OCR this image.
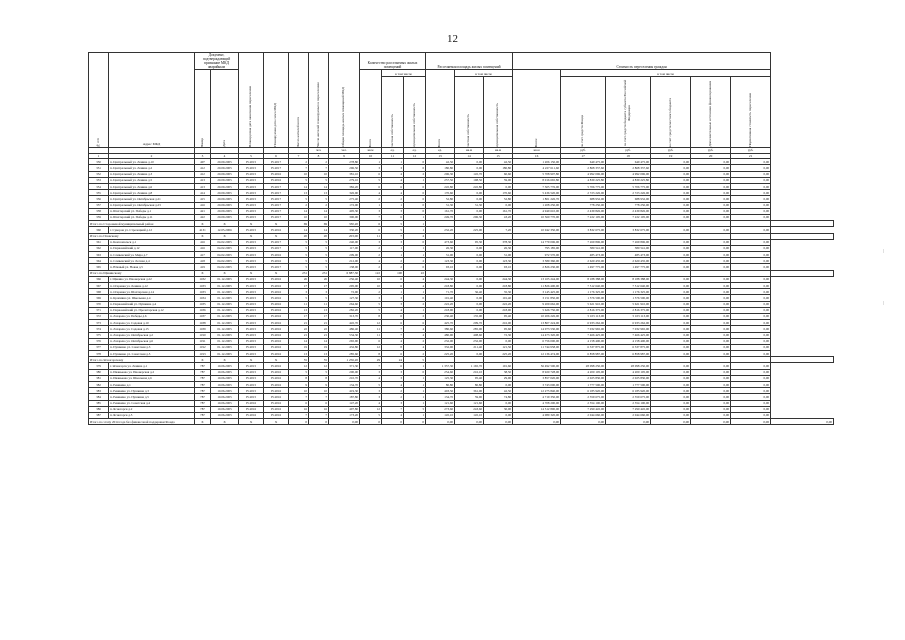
12
№ п/п	Адрес МКД	Документ, подтверждающий признание МКД аварийным		Планируемая дата окончания переселения	Планируемая дата сноса МКД	Число жителей всего	Число жителей планируемых к переселению	Общая площадь жилых помещений МКД	Количество расселяемых жилых помещений			Расселяемая площадь жилых помещений			Стоимость переселения граждан						

		Номер	Дата						Всего	в том числе		Всего	в том числе		Всего:	в том числе					

										частная собственность	муниципальная собственность		частная собственность	муниципальная собственность		за счет средств Фонда	за счет средств бюджета субъекта Российской Федерации	за счет средств местного бюджета	Дополнительные источники финансирования	Нормативная стоимость переселения	

							чел.	чел.	кв.м	ед.	ед.	ед.	кв.м	кв.м	кв.м	руб.	руб.	руб.	руб.	руб.	
1	2	3	4	5	6	7	8	9	10	11	12	13	14	15	16	17	18	19	20	21	
350	п. Центральный ул. Ленина д.10	407	20.09.2005	IV.2015	IV.2017	2	2	278,80	1	1	0	42,50	0,00	42,50	1 206 150,00	649 475,00	649 475,00	0,00	0,00	0,00	
351	п. Центральный ул. Ленина д.2	412	20.09.2005	IV.2015	IV.2017	7	7	296,50	3	3	0	180,80	0,00	180,80	4 227 611,60	2 868 337,60	2 868 337,60	0,00	0,00	0,00	
352	п. Центральный ул. Ленина д.3	412	20.09.2005	IV.2015	IV.2016	10	10	381,10	6	4	2	206,30	145,70	60,60	5 708 907,80	4 992 096,00	4 992 096,00	0,00	0,00	0,00	
353	п. Центральный ул. Ленина д.5	413	20.09.2005	IV.2015	IV.2016	5	5	279,10	5	4	1	257,50	198,50	59,00	8 016 665,80	4 839 225,80	4 839 225,80	0,00	0,00	0,00	
354	п. Центральный ул. Ленина д.6	413	20.09.2005	IV.2015	IV.2017	14	14	382,20	6	6	0	245,80	245,80	0,00	7 305 776,00	5 706 775,00	5 706 775,00	0,00	0,00	0,00	
355	п. Центральный ул. Ленина д.8	414	20.09.2005	IV.2015	IV.2017	13	13	326,90	4	4	0	170,60	0,00	170,60	5 436 520,00	2 723 226,00	2 723 226,00	0,00	0,00	0,00	
356	п. Центральный ул. Октябрьская д.21	415	20.09.2005	IV.2015	IV.2017	5	5	275,40	2	2	0	52,80	0,00	52,80	1 801 226,70	688 932,00	688 932,00	0,00	0,00	0,00	
357	п. Центральный ул. Октябрьская д.23	416	20.09.2005	IV.2015	IV.2017	2	2	172,00	1	1	0	31,30	31,30	0,00	1 208 250,00	778 250,00	778 250,00	0,00	0,00	0,00	
358	п. Шахтерский ул. Победы д.1	421	20.09.2005	IV.2015	IV.2017	14	14	405,30	3	3	0	161,70	0,00	161,70	4 949 610,00	2 439 826,00	2 439 826,00	0,00	0,00	0,00	
359	п. Шахтерский ул. Победы д.11	422	20.09.2005	IV.2015	IV.2017	10	10	300,00	7	6	1	249,70	206,30	43,20	10 560 770,00	7 222 105,00	7 222 105,00	0,00	0,00	0,00	
Итого по Сторожевой муниципальный район		X	X	X	X	69	69	330,20	6	5	1										
360	г. Суворов ул. Стрелецкий д.12	4131	12.05.2006	IV.2015	IV.2016	14	14	330,20	6	5	1	232,20	225,00	7,20	10 042 350,00	3 832 675,00	3 832 675,00	0,00	0,00	0,00	
Итого по Плавскому		X	X	X	X	20	20	203,00	11	7	4										
361	п. Комсомольск д.1	416	04.02.2005	IV.2015	IV.2017	5	5	240,00	3	3	0	473,60	95,30	378,30	14 779 006,00	7 269 806,00	7 269 806,00	0,00	0,00	0,00	
362	п. Первомайский д.12	416	04.02.2005	IV.2015	IV.2017	5	5	117,00	2	1	1	26,30	0,00	26,30	795 185,00	380 541,00	380 541,00	0,00	0,00	0,00	
363	п. Сливенский ул. Мира д.7	417	04.02.2005	IV.2015	IV.2016	5	5	209,00	2	1	1	31,00	0,00	31,00	972 570,00	485 473,00	485 473,00	0,00	0,00	0,00	
364	п. Сливенский ул. Лесная д.4	418	04.02.2005	IV.2015	IV.2016	5	5	212,00	4	2	2	123,30	0,00	123,30	3 589 360,00	2 620 435,00	2 620 435,00	0,00	0,00	0,00	
365	п. Южный ул. Новая д.5	419	04.02.2005	IV.2015	IV.2017	5	5	138,00	2	2	0	93,10	0,00	93,10	2 826 230,00	1 497 775,00	1 497 775,00	0,00	0,00	0,00	
Итого по Щекинскому		X	X	X	X	231	231	6 887,30	122	100	22										
366	г. Щекино ул. Пионерская д.22	1182	01.12.2005	IV.2015	IV.2016	26	26	256,40	10	6	4	244,30	0,00	244,30	13 105 244,00	8 188 388,00	8 188 388,00	0,00	0,00	0,00	
367	п. Огаревка ул. Ленина д.12	1183	01.12.2005	IV.2015	IV.2016	17	17	295,00	10	6	4	218,80	0,00	218,80	11 826 400,00	7 512 640,00	7 512 640,00	0,00	0,00	0,00	
368	п. Огаревка ул. Шахтерская д.14	1183	01.12.2005	IV.2015	IV.2016	3	3	72,90	2	1	1	71,70	36,40	35,30	3 145 425,00	1 176 325,00	1 176 325,00	0,00	0,00	0,00	
369	п. Крапивна ул. Школьная д.4	1184	01.12.2005	IV.2015	IV.2016	5	5	127,30	3	3	0	101,40	0,00	101,40	3 151 850,00	1 576 500,00	1 576 500,00	0,00	0,00	0,00	
370	п. Первомайский ул. Пушкина д.4	1185	01.12.2005	IV.2015	IV.2016	11	11	264,60	5	3	2	222,20	0,00	222,20	9 209 662,00	5 621 910,00	5 621 910,00	0,00	0,00	0,00	
371	п. Первомайский ул. Пролетарская д.12	1186	01.12.2005	IV.2015	IV.2016	13	13	282,20	5	4	1	218,90	0,00	218,90	5 626 750,00	2 816 375,00	2 816 375,00	0,00	0,00	0,00	
372	п. Лазарево ул. Победы д.6	1187	01.12.2005	IV.2015	IV.2016	17	17	313,70	8	6	2	230,40	135,00	95,40	10 206 226,00	5 103 113,00	5 103 113,00	0,00	0,00	0,00	
373	п. Лазарево ул. Садовая д.10	1188	01.12.2005	IV.2015	IV.2016	21	21	445,70	12	6	6	425,70	209,70	216,00	13 807 224,00	6 933 262,00	6 933 262,00	0,00	0,00	0,00	
374	п. Лазарево ул. Садовая д.15	1189	01.12.2005	IV.2015	IV.2016	22	22	486,40	11	7	4	380,60	285,00	95,60	14 073 530,00	7 032 965,00	7 032 965,00	0,00	0,00	0,00	
375	п. Лазарево ул. Октябрьская д.2	1190	01.12.2005	IV.2015	IV.2016	21	21	534,30	11	7	4	480,90	408,60	72,30	14 473 320,00	7 466 425,00	7 466 425,00	0,00	0,00	0,00	
376	п. Лазарево ул. Октябрьская д.6	1191	01.12.2005	IV.2015	IV.2016	14	14	265,90	6	4	2	232,00	232,00	0,00	6 756 000,00	4 158 400,00	4 158 400,00	0,00	0,00	0,00	
377	п. Пушкино ул. Советская д.3	1192	01.12.2005	IV.2015	IV.2016	19	19	432,80	12	8	4	332,90	211,40	121,50	11 744 958,00	6 337 875,00	6 337 875,00	0,00	0,00	0,00	
378	п. Пушкино ул. Советская д.5	1193	01.12.2005	IV.2015	IV.2016	13	13	285,60	8	6	2	225,20	0,00	225,20	12 136 474,00	6 858 987,00	6 858 987,00	0,00	0,00	0,00	
Итого по Ясногорскому		X	X	X	X	55	55	1 256,20	29	24	5										
379	г. Ясногорск ул. Ленина д.1	787	10.06.2005	IV.2015	IV.2016	12	12	371,30	7	6	1	1 357,30	1 165,70	191,60	56 492 500,00	28 098 250,00	28 098 250,00	0,00	0,00	0,00	
380	п. Иваньково ул. Пионерская д.2	787	10.06.2005	IV.2015	IV.2016	5	5	200,00	3	3	0	254,60	216,10	38,50	8 920 728,00	4 200 105,00	4 200 105,00	0,00	0,00	0,00	
381	п. Иваньково ул. Школьная д.6	787	10.06.2005	IV.2015	IV.2016	8	8	210,70	4	3	1	125,30	95,40	29,90	3 857 020,00	2 025 830,00	2 025 830,00	0,00	0,00	0,00	
382	п. Ревякино д.1	787	10.06.2005	IV.2015	IV.2016	9	9	134,70	5	4	1	80,80	80,80	0,00	3 743 000,00	1 777 500,00	1 777 500,00	0,00	0,00	0,00	
383	п. Ревякино ул. Пушкина д.3	787	10.06.2005	IV.2015	IV.2016	10	10	419,30	3	2	1	403,50	361,00	42,50	12 275 840,00	6 185 920,00	6 185 920,00	0,00	0,00	0,00	
384	п. Ревякино ул. Пушкина д.5	787	10.06.2005	IV.2015	IV.2016	7	7	187,80	3	2	1	134,70	59,90	74,80	4 719 350,00	2 359 675,00	2 359 675,00	0,00	0,00	0,00	
385	п. Ревякино ул. Советская д.4	787	10.06.2005	IV.2016	IV.2016	6	6	147,20	4	3	1	121,60	121,60	0,00	4 708 200,00	2 354 100,00	2 354 100,00	0,00	0,00	0,00	
386	п. Ясногорск д.2	787	10.06.2005	IV.2016	IV.2016	16	16	497,80	12	7	5	273,60	243,60	30,00	14 512 890,00	7 290 445,00	7 290 445,00	0,00	0,00	0,00	
387	п. Ясногорск д.5	787	10.06.2005	IV.2016	IV.2016	7	7	173,20	5	4	1	145,10	145,10	0,00	4 089 320,00	2 044 660,00	2 044 660,00	0,00	0,00	0,00	
Итого по этапу 2014 года без финансовой поддержки Фонда		X	X	X	X	0	0	0,00	0	0	0	0,00	0,00	0,00	0,00	0,00	0,00	0,00	0,00	0,00	0,00
|
|
